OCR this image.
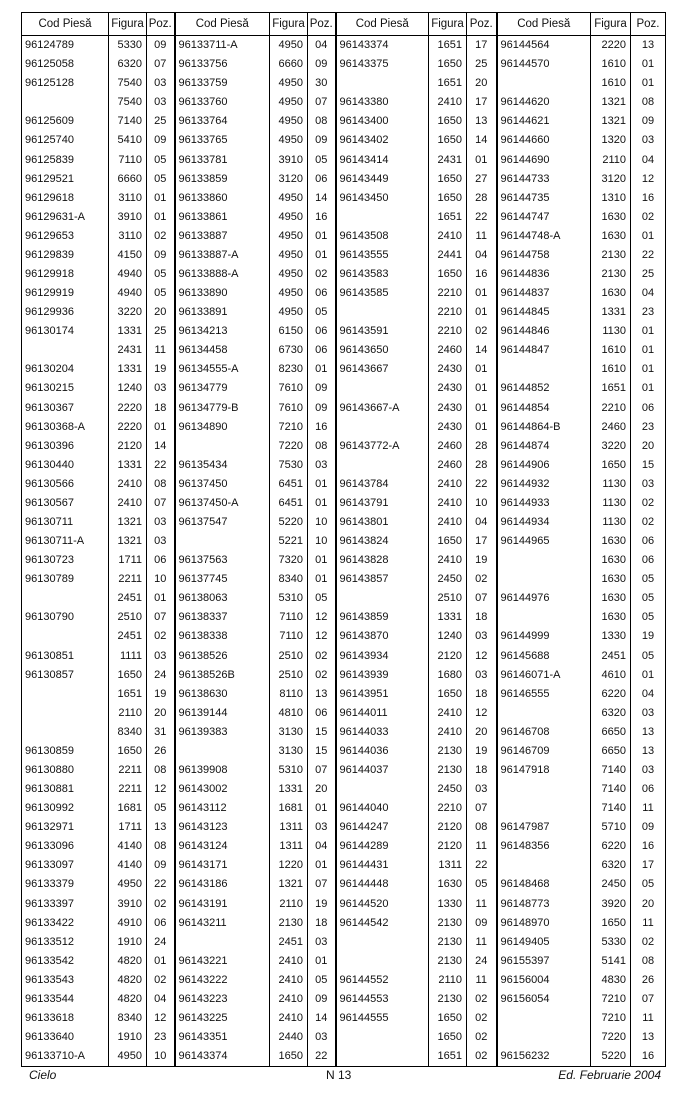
Cod Piesă	Figura	Poz.	Cod Piesă	Figura	Poz.	Cod Piesă	Figura	Poz.	Cod Piesă	Figura	Poz.
96124789	5330	09	96133711-A	4950	04	96143374	1651	17	96144564	2220	13
96125058	6320	07	96133756	6660	09	96143375	1650	25	96144570	1610	01
96125128	7540	03	96133759	4950	30		1651	20		1610	01
	7540	03	96133760	4950	07	96143380	2410	17	96144620	1321	08
96125609	7140	25	96133764	4950	08	96143400	1650	13	96144621	1321	09
96125740	5410	09	96133765	4950	09	96143402	1650	14	96144660	1320	03
96125839	7110	05	96133781	3910	05	96143414	2431	01	96144690	2110	04
96129521	6660	05	96133859	3120	06	96143449	1650	27	96144733	3120	12
96129618	3110	01	96133860	4950	14	96143450	1650	28	96144735	1310	16
96129631-A	3910	01	96133861	4950	16		1651	22	96144747	1630	02
96129653	3110	02	96133887	4950	01	96143508	2410	11	96144748-A	1630	01
96129839	4150	09	96133887-A	4950	01	96143555	2441	04	96144758	2130	22
96129918	4940	05	96133888-A	4950	02	96143583	1650	16	96144836	2130	25
96129919	4940	05	96133890	4950	06	96143585	2210	01	96144837	1630	04
96129936	3220	20	96133891	4950	05		2210	01	96144845	1331	23
96130174	1331	25	96134213	6150	06	96143591	2210	02	96144846	1130	01
	2431	11	96134458	6730	06	96143650	2460	14	96144847	1610	01
96130204	1331	19	96134555-A	8230	01	96143667	2430	01		1610	01
96130215	1240	03	96134779	7610	09		2430	01	96144852	1651	01
96130367	2220	18	96134779-B	7610	09	96143667-A	2430	01	96144854	2210	06
96130368-A	2220	01	96134890	7210	16		2430	01	96144864-B	2460	23
96130396	2120	14		7220	08	96143772-A	2460	28	96144874	3220	20
96130440	1331	22	96135434	7530	03		2460	28	96144906	1650	15
96130566	2410	08	96137450	6451	01	96143784	2410	22	96144932	1130	03
96130567	2410	07	96137450-A	6451	01	96143791	2410	10	96144933	1130	02
96130711	1321	03	96137547	5220	10	96143801	2410	04	96144934	1130	02
96130711-A	1321	03		5221	10	96143824	1650	17	96144965	1630	06
96130723	1711	06	96137563	7320	01	96143828	2410	19		1630	06
96130789	2211	10	96137745	8340	01	96143857	2450	02		1630	05
	2451	01	96138063	5310	05		2510	07	96144976	1630	05
96130790	2510	07	96138337	7110	12	96143859	1331	18		1630	05
	2451	02	96138338	7110	12	96143870	1240	03	96144999	1330	19
96130851	1111	03	96138526	2510	02	96143934	2120	12	96145688	2451	05
96130857	1650	24	96138526B	2510	02	96143939	1680	03	96146071-A	4610	01
	1651	19	96138630	8110	13	96143951	1650	18	96146555	6220	04
	2110	20	96139144	4810	06	96144011	2410	12		6320	03
	8340	31	96139383	3130	15	96144033	2410	20	96146708	6650	13
96130859	1650	26		3130	15	96144036	2130	19	96146709	6650	13
96130880	2211	08	96139908	5310	07	96144037	2130	18	96147918	7140	03
96130881	2211	12	96143002	1331	20		2450	03		7140	06
96130992	1681	05	96143112	1681	01	96144040	2210	07		7140	11
96132971	1711	13	96143123	1311	03	96144247	2120	08	96147987	5710	09
96133096	4140	08	96143124	1311	04	96144289	2120	11	96148356	6220	16
96133097	4140	09	96143171	1220	01	96144431	1311	22		6320	17
96133379	4950	22	96143186	1321	07	96144448	1630	05	96148468	2450	05
96133397	3910	02	96143191	2110	19	96144520	1330	11	96148773	3920	20
96133422	4910	06	96143211	2130	18	96144542	2130	09	96148970	1650	11
96133512	1910	24		2451	03		2130	11	96149405	5330	02
96133542	4820	01	96143221	2410	01		2130	24	96155397	5141	08
96133543	4820	02	96143222	2410	05	96144552	2110	11	96156004	4830	26
96133544	4820	04	96143223	2410	09	96144553	2130	02	96156054	7210	07
96133618	8340	12	96143225	2410	14	96144555	1650	02		7210	11
96133640	1910	23	96143351	2440	03		1650	02		7220	13
96133710-A	4950	10	96143374	1650	22		1651	02	96156232	5220	16
Cielo	N 13	Ed. Februarie 2004
